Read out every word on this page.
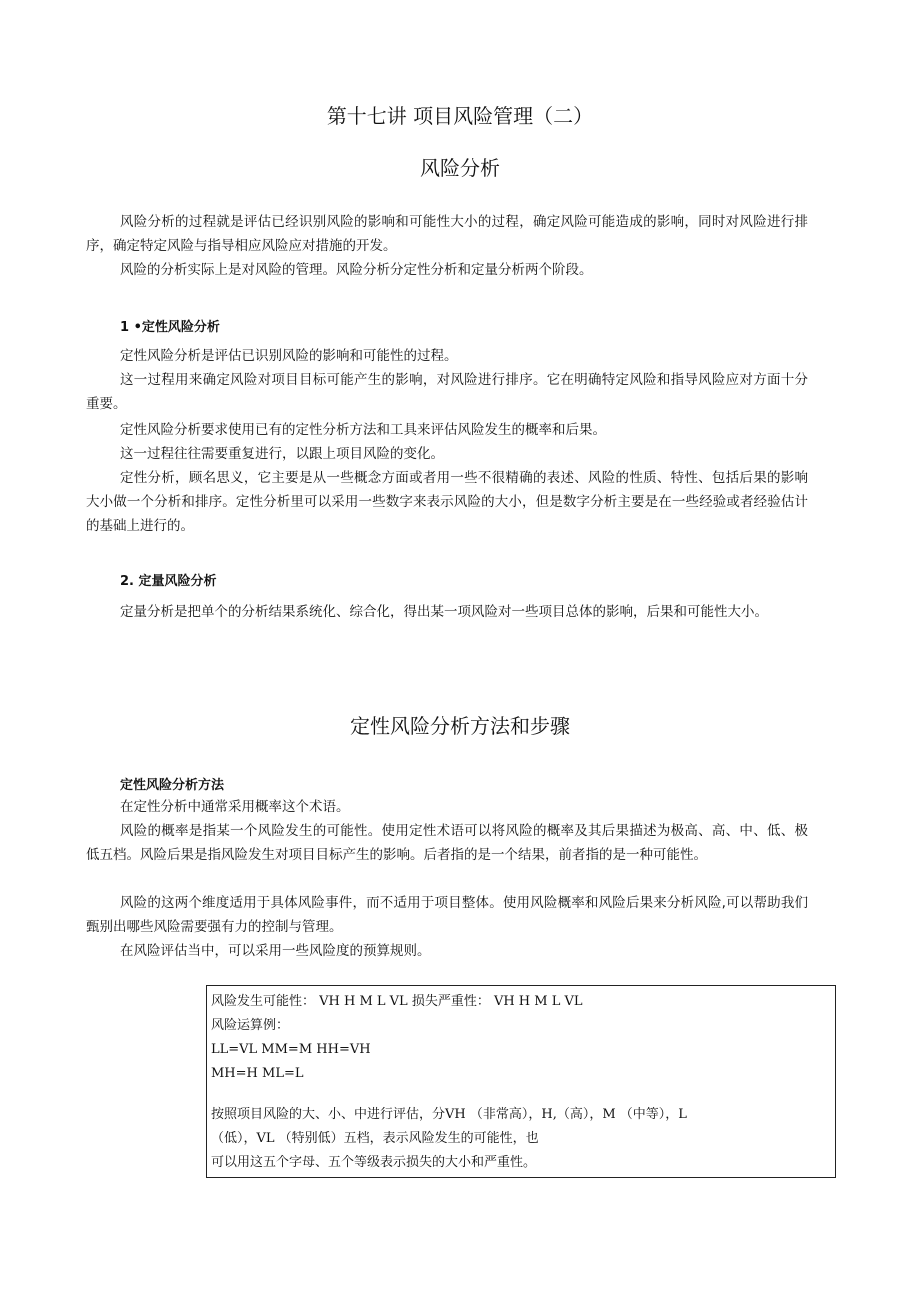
第十七讲 项目风险管理（二）
风险分析

风险分析的过程就是评估已经识别风险的影响和可能性大小的过程，确定风险可能造成的影响，同时对风险进行排序，确定特定风险与指导相应风险应对措施的开发。

风险的分析实际上是对风险的管理。风险分析分定性分析和定量分析两个阶段。

1 •定性风险分析

定性风险分析是评估已识别风险的影响和可能性的过程。

这一过程用来确定风险对项目目标可能产生的影响，对风险进行排序。它在明确特定风险和指导风险应对方面十分重要。

定性风险分析要求使用已有的定性分析方法和工具来评估风险发生的概率和后果。

这一过程往往需要重复进行，以跟上项目风险的变化。

定性分析，顾名思义，它主要是从一些概念方面或者用一些不很精确的表述、风险的性质、特性、包括后果的影响大小做一个分析和排序。定性分析里可以采用一些数字来表示风险的大小，但是数字分析主要是在一些经验或者经验估计的基础上进行的。

2. 定量风险分析

定量分析是把单个的分析结果系统化、综合化，得出某一项风险对一些项目总体的影响，后果和可能性大小。

定性风险分析方法和步骤

定性风险分析方法

在定性分析中通常采用概率这个术语。

风险的概率是指某一个风险发生的可能性。使用定性术语可以将风险的概率及其后果描述为极高、高、中、低、极低五档。风险后果是指风险发生对项目目标产生的影响。后者指的是一个结果，前者指的是一种可能性。

风险的这两个维度适用于具体风险事件，而不适用于项目整体。使用风险概率和风险后果来分析风险,可以帮助我们甄别出哪些风险需要强有力的控制与管理。

在风险评估当中，可以采用一些风险度的预算规则。

风险发生可能性： VH H M L VL 损失严重性： VH H M L VL

风险运算例：

LL=VL MM=M HH=VH

MH=H ML=L

按照项目风险的大、小、中进行评估，分VH （非常高），H,（高），M （中等），L

（低），VL （特别低）五档，表示风险发生的可能性，也

可以用这五个字母、五个等级表示损失的大小和严重性。
